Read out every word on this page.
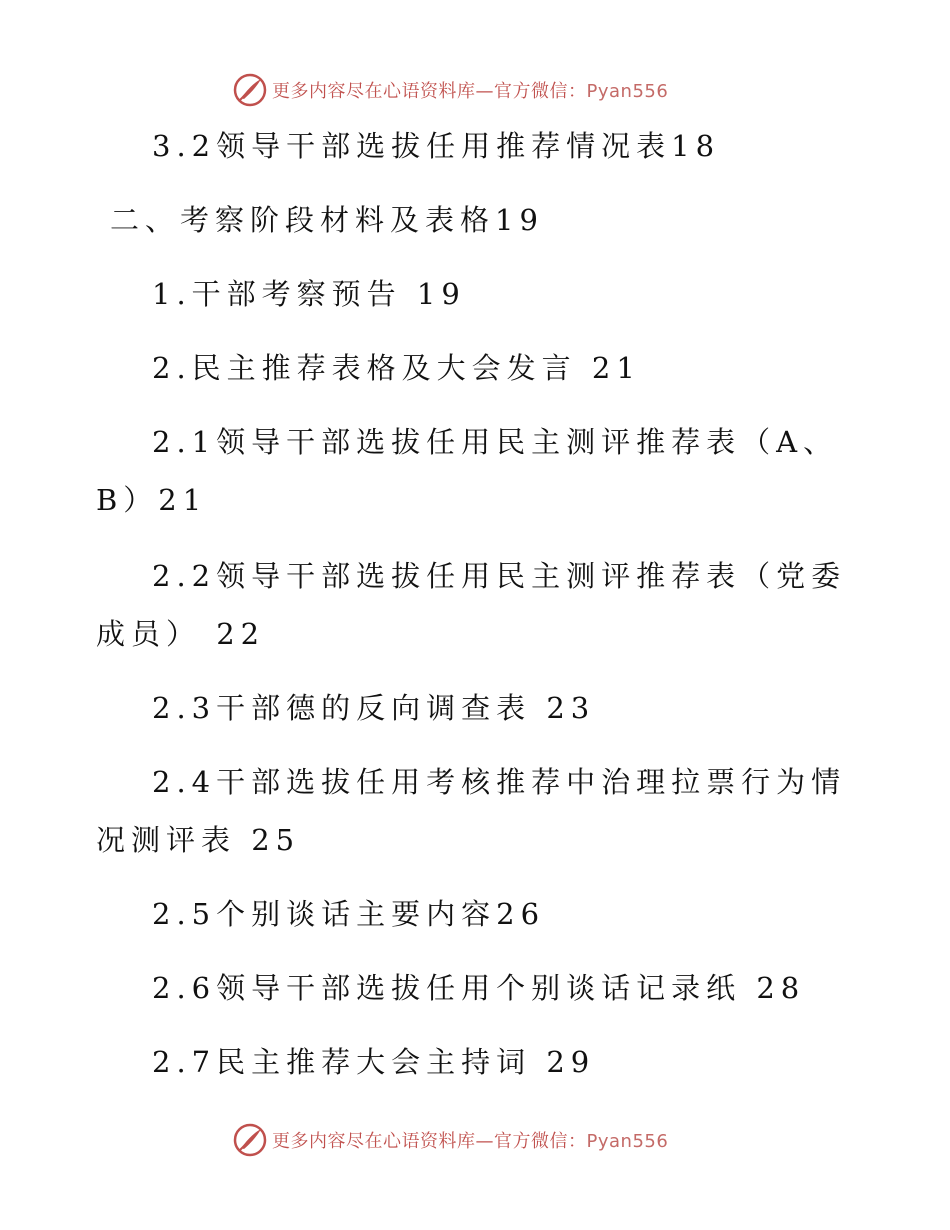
更多内容尽在心语资料库—官方微信：Pyan556
3.2领导干部选拔任用推荐情况表18
二、考察阶段材料及表格19
1.干部考察预告 19
2.民主推荐表格及大会发言 21
2.1领导干部选拔任用民主测评推荐表（A、
B）21
2.2领导干部选拔任用民主测评推荐表（党委
成员） 22
2.3干部德的反向调查表 23
2.4干部选拔任用考核推荐中治理拉票行为情
况测评表 25
2.5个别谈话主要内容26
2.6领导干部选拔任用个别谈话记录纸 28
2.7民主推荐大会主持词 29
更多内容尽在心语资料库—官方微信：Pyan556
